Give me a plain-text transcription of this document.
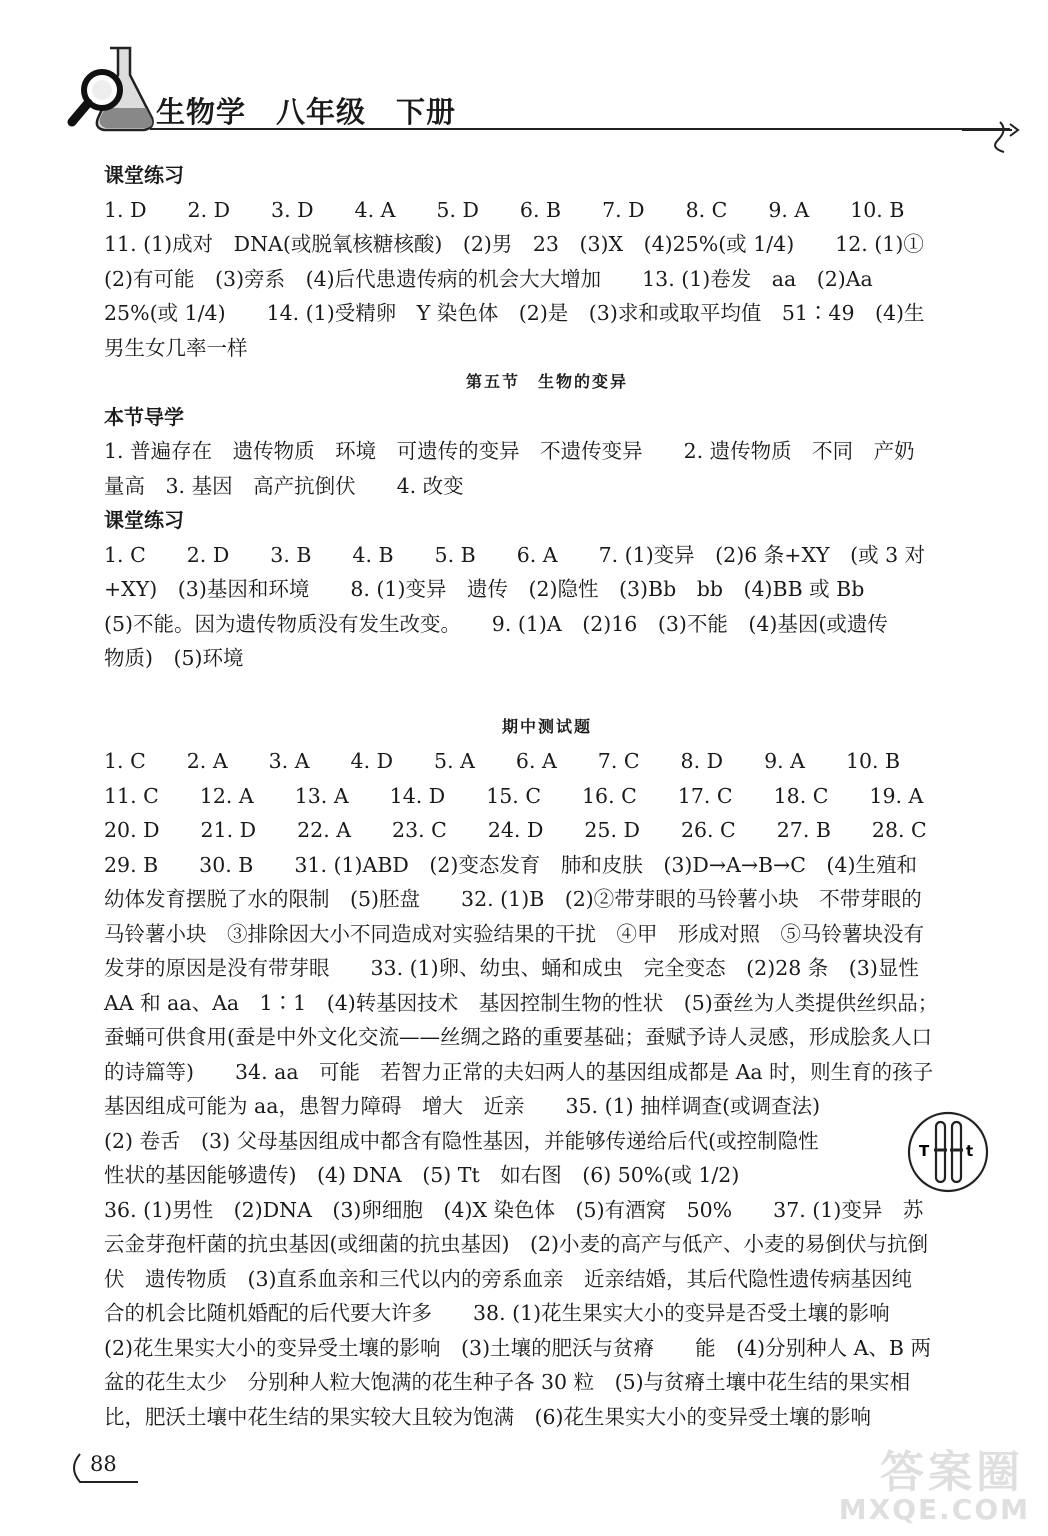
生物学　八年级　下册
课堂练习
1. D　　2. D　　3. D　　4. A　　5. D　　6. B　　7. D　　8. C　　9. A　　10. B
11. (1)成对　DNA(或脱氧核糖核酸)　(2)男　23　(3)X　(4)25%(或 1/4)　　12. (1)①
(2)有可能　(3)旁系　(4)后代患遗传病的机会大大增加　　13. (1)卷发　aa　(2)Aa
25%(或 1/4)　　14. (1)受精卵　Y 染色体　(2)是　(3)求和或取平均值　51∶49　(4)生
男生女几率一样
第五节　生物的变异
本节导学
1. 普遍存在　遗传物质　环境　可遗传的变异　不遗传变异　　2. 遗传物质　不同　产奶
量高　3. 基因　高产抗倒伏　　4. 改变
课堂练习
1. C　　2. D　　3. B　　4. B　　5. B　　6. A　　7. (1)变异　(2)6 条+XY　(或 3 对
+XY)　(3)基因和环境　　8. (1)变异　遗传　(2)隐性　(3)Bb　bb　(4)BB 或 Bb
(5)不能。因为遗传物质没有发生改变。　　9. (1)A　(2)16　(3)不能　(4)基因(或遗传
物质)　(5)环境
期中测试题
1. C　　2. A　　3. A　　4. D　　5. A　　6. A　　7. C　　8. D　　9. A　　10. B
11. C　　12. A　　13. A　　14. D　　15. C　　16. C　　17. C　　18. C　　19. A
20. D　　21. D　　22. A　　23. C　　24. D　　25. D　　26. C　　27. B　　28. C
29. B　　30. B　　31. (1)ABD　(2)变态发育　肺和皮肤　(3)D→A→B→C　(4)生殖和
幼体发育摆脱了水的限制　(5)胚盘　　32. (1)B　(2)②带芽眼的马铃薯小块　不带芽眼的
马铃薯小块　③排除因大小不同造成对实验结果的干扰　④甲　形成对照　⑤马铃薯块没有
发芽的原因是没有带芽眼　　33. (1)卵、幼虫、蛹和成虫　完全变态　(2)28 条　(3)显性
AA 和 aa、Aa　1∶1　(4)转基因技术　基因控制生物的性状　(5)蚕丝为人类提供丝织品；
蚕蛹可供食用(蚕是中外文化交流——丝绸之路的重要基础；蚕赋予诗人灵感，形成脍炙人口
的诗篇等)　　34. aa　可能　若智力正常的夫妇两人的基因组成都是 Aa 时，则生育的孩子
基因组成可能为 aa，患智力障碍　增大　近亲　　35. (1) 抽样调查(或调查法)
(2) 卷舌　(3) 父母基因组成中都含有隐性基因，并能够传递给后代(或控制隐性
性状的基因能够遗传)　(4) DNA　(5) Tt　如右图　(6) 50%(或 1/2)
36. (1)男性　(2)DNA　(3)卵细胞　(4)X 染色体　(5)有酒窝　50%　　37. (1)变异　苏
云金芽孢杆菌的抗虫基因(或细菌的抗虫基因)　(2)小麦的高产与低产、小麦的易倒伏与抗倒
伏　遗传物质　(3)直系血亲和三代以内的旁系血亲　近亲结婚，其后代隐性遗传病基因纯
合的机会比随机婚配的后代要大许多　　38. (1)花生果实大小的变异是否受土壤的影响
(2)花生果实大小的变异受土壤的影响　(3)土壤的肥沃与贫瘠　　能　(4)分别种人 A、B 两
盆的花生太少　分别种人粒大饱满的花生种子各 30 粒　(5)与贫瘠土壤中花生结的果实相
比，肥沃土壤中花生结的果实较大且较为饱满　(6)花生果实大小的变异受土壤的影响
T t
88	答案圈
MXQE.COM
